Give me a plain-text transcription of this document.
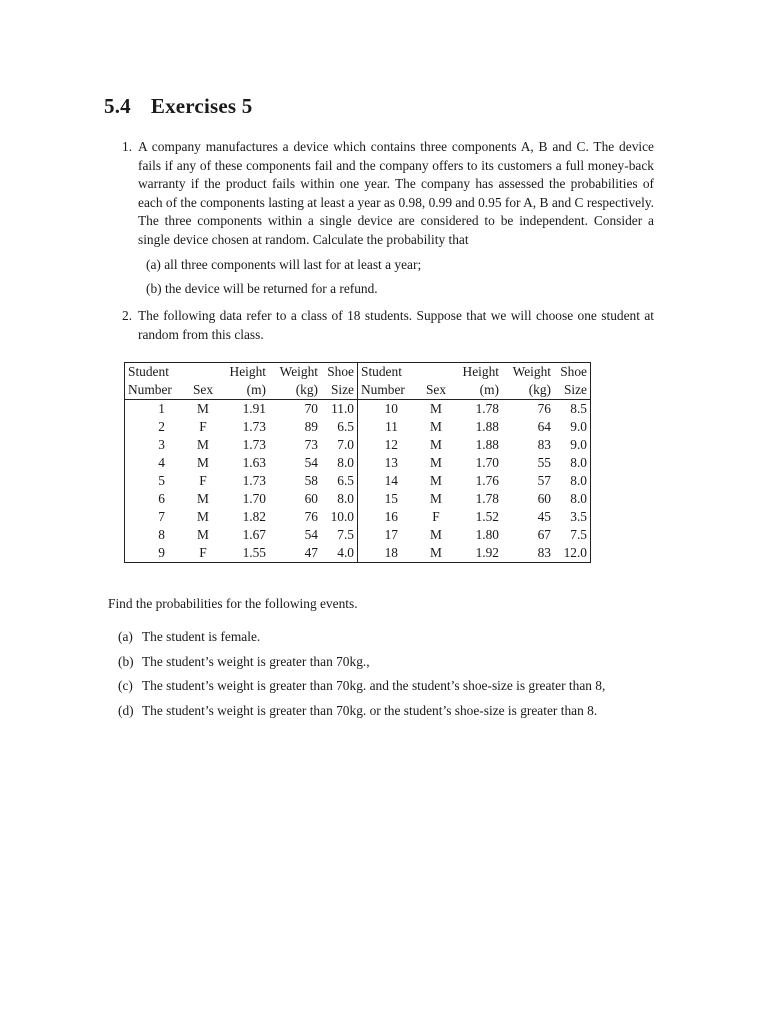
5.4 Exercises 5
1. A company manufactures a device which contains three components A, B and C. The device fails if any of these components fail and the company offers to its customers a full money-back warranty if the product fails within one year. The company has assessed the probabilities of each of the components lasting at least a year as 0.98, 0.99 and 0.95 for A, B and C respectively. The three components within a single device are considered to be independent. Consider a single device chosen at random. Calculate the probability that
(a) all three components will last for at least a year;
(b) the device will be returned for a refund.
2. The following data refer to a class of 18 students. Suppose that we will choose one student at random from this class.
Student		Height	Weight	Shoe	Student		Height	Weight	Shoe
Number	Sex	(m)	(kg)	Size	Number	Sex	(m)	(kg)	Size
1	M	1.91	70	11.0	10	M	1.78	76	8.5
2	F	1.73	89	6.5	11	M	1.88	64	9.0
3	M	1.73	73	7.0	12	M	1.88	83	9.0
4	M	1.63	54	8.0	13	M	1.70	55	8.0
5	F	1.73	58	6.5	14	M	1.76	57	8.0
6	M	1.70	60	8.0	15	M	1.78	60	8.0
7	M	1.82	76	10.0	16	F	1.52	45	3.5
8	M	1.67	54	7.5	17	M	1.80	67	7.5
9	F	1.55	47	4.0	18	M	1.92	83	12.0
Find the probabilities for the following events.
(a) The student is female.
(b) The student’s weight is greater than 70kg.,
(c) The student’s weight is greater than 70kg. and the student’s shoe-size is greater than 8,
(d) The student’s weight is greater than 70kg. or the student’s shoe-size is greater than 8.
